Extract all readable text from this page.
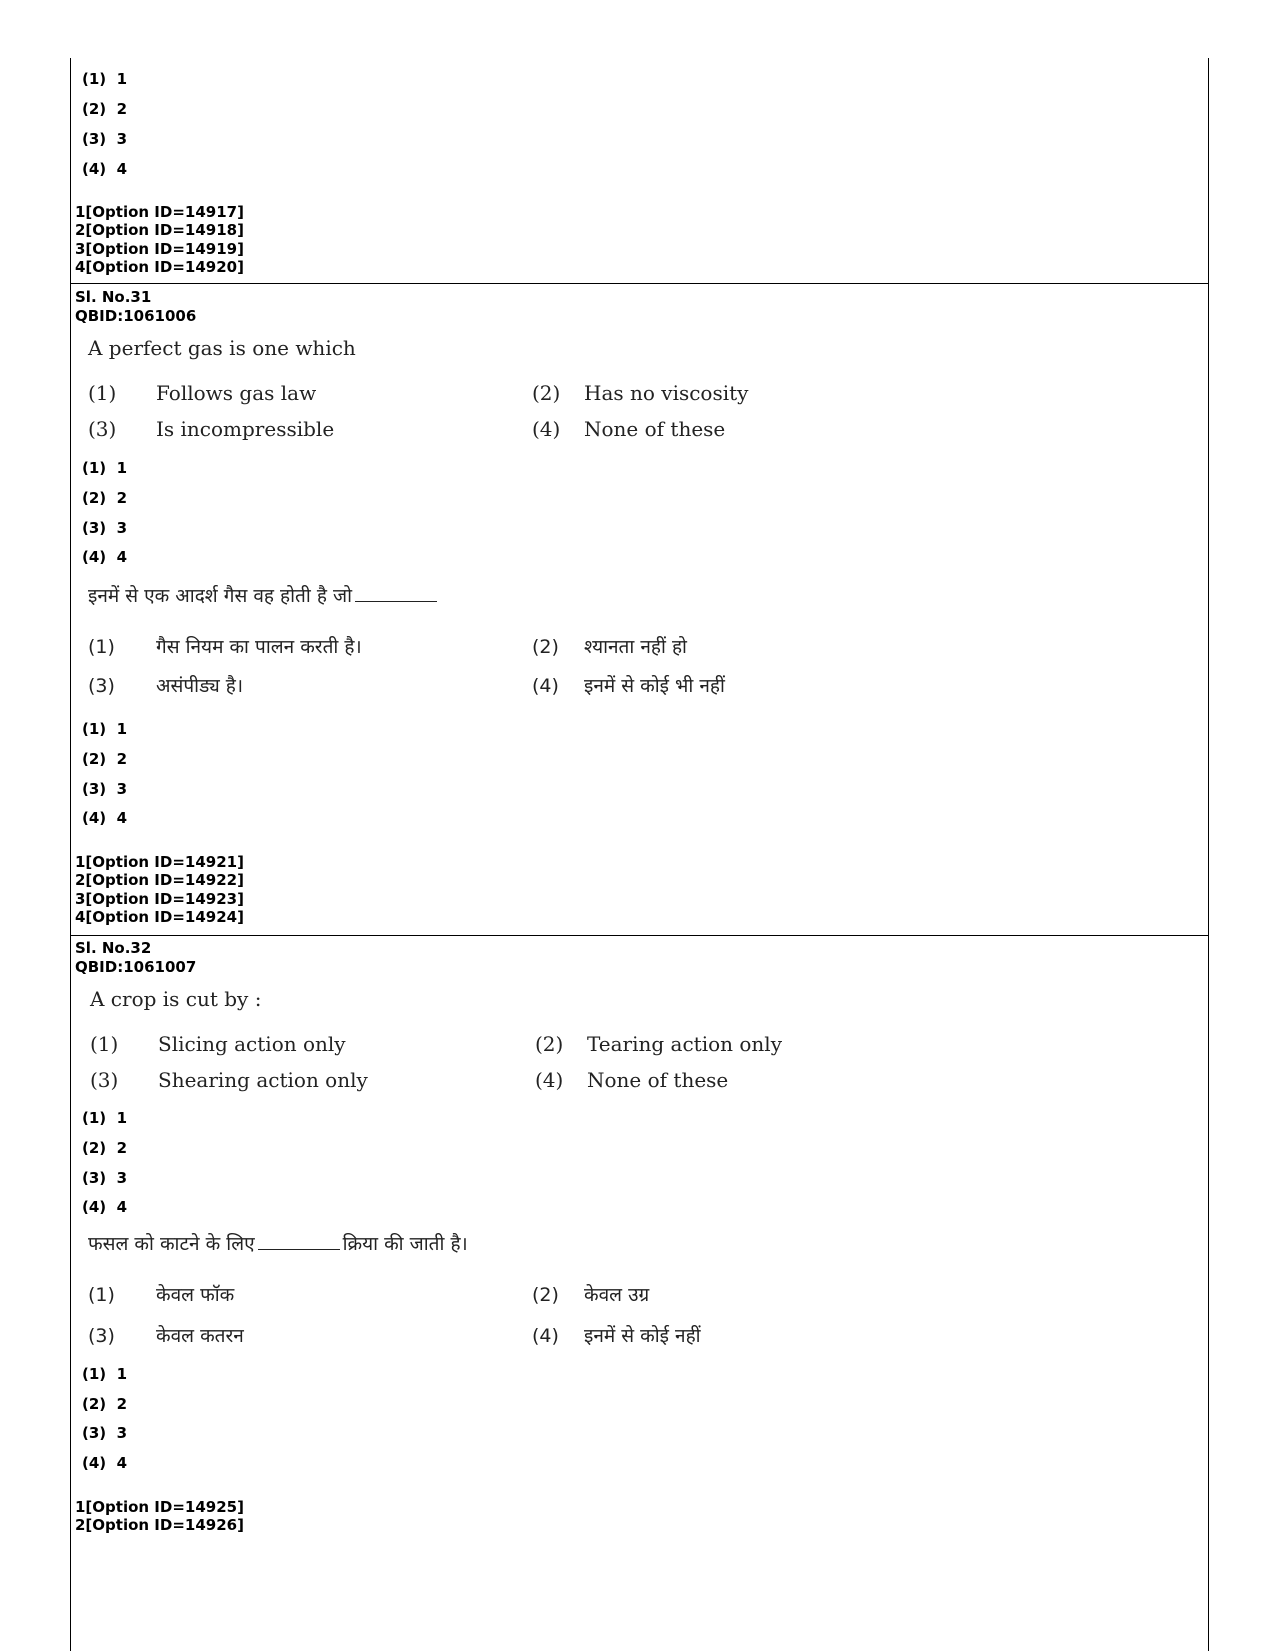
(1)  1
(2)  2
(3)  3
(4)  4
1[Option ID=14917]
2[Option ID=14918]
3[Option ID=14919]
4[Option ID=14920]
Sl. No.31
QBID:1061006
A perfect gas is one which
(1) Follows gas law	(2) Has no viscosity
(3) Is incompressible	(4) None of these
(1)  1
(2)  2
(3)  3
(4)  4
इनमें से एक आदर्श गैस वह होती है जो
(1) गैस नियम का पालन करती है।	(2) श्यानता नहीं हो
(3) असंपीड्य है।	(4) इनमें से कोई भी नहीं
(1)  1
(2)  2
(3)  3
(4)  4
1[Option ID=14921]
2[Option ID=14922]
3[Option ID=14923]
4[Option ID=14924]
Sl. No.32
QBID:1061007
A crop is cut by :
(1) Slicing action only	(2) Tearing action only
(3) Shearing action only	(4) None of these
(1)  1
(2)  2
(3)  3
(4)  4
फसल को काटने के लिए	क्रिया की जाती है।
(1) केवल फॉक	(2) केवल उग्र
(3) केवल कतरन	(4) इनमें से कोई नहीं
(1)  1
(2)  2
(3)  3
(4)  4
1[Option ID=14925]
2[Option ID=14926]
